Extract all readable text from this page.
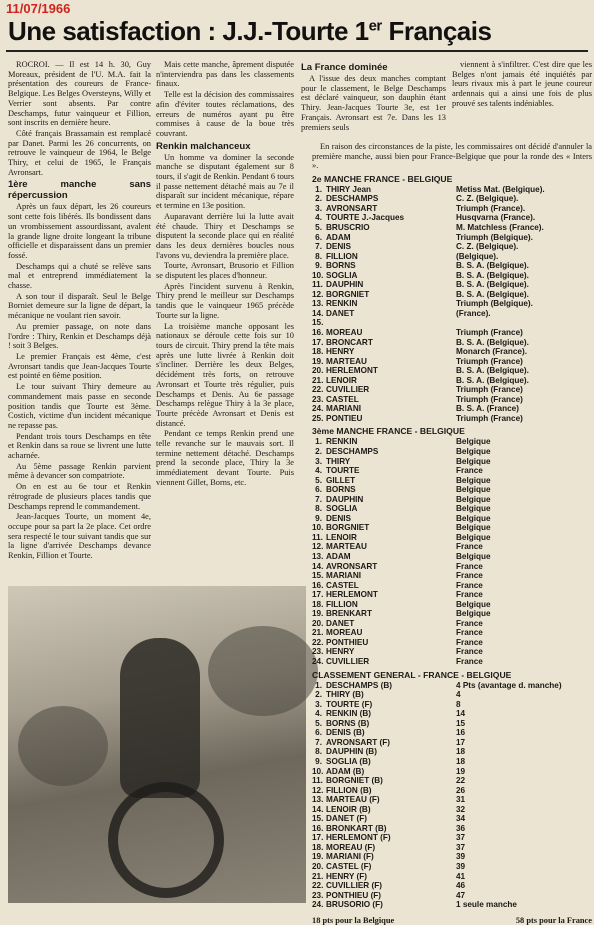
11/07/1966
Une satisfaction : J.J.-Tourte 1er Français

ROCROI. — Il est 14 h. 30, Guy Moreaux, président de l'U. M.A. fait la présentation des coureurs de France-Belgique. Les Belges Oversteyns, Willy et Verrier sont absents. Par contre Deschamps, futur vainqueur et Fillion, sont inscrits en dernière heure.

Côté français Brassamain est remplacé par Danet. Parmi les 26 concurrents, on retrouve le vainqueur de 1964, le Belge Thiry, et celui de 1965, le Français Avronsart.

1ère manche sans répercussion

Après un faux départ, les 26 coureurs sont cette fois libérés. Ils bondissent dans un vrombissement assourdissant, avalent la grande ligne droite longeant la tribune officielle et disparaissent dans un premier fossé.

Deschamps qui a chuté se relève sans mal et entreprend immédiatement la chasse.

A son tour il disparaît. Seul le Belge Borniet demeure sur la ligne de départ, la mécanique ne voulant rien savoir.

Au premier passage, on note dans l'ordre : Thiry, Renkin et Deschamps déjà ! soit 3 Belges.

Le premier Français est 4ème, c'est Avronsart tandis que Jean-Jacques Tourte est pointé en 6ème position.

Le tour suivant Thiry demeure au commandement mais passe en seconde position tandis que Tourte est 3ème. Costich, victime d'un incident mécanique ne repasse pas.

Pendant trois tours Deschamps en tête et Renkin dans sa roue se livrent une lutte acharnée.

Au 5ème passage Renkin parvient même à devancer son compatriote.

On en est au 6e tour et Renkin rétrograde de plusieurs places tandis que Deschamps reprend le commandement.

Jean-Jacques Tourte, un moment 4e, occupe pour sa part la 2e place. Cet ordre sera respecté le tour suivant tandis que sur la ligne d'arrivée Deschamps devance Renkin, Fillion et Tourte.

Mais cette manche, âprement disputée n'interviendra pas dans les classements finaux.

Telle est la décision des commissaires afin d'éviter toutes réclamations, des erreurs de numéros ayant pu être commises à cause de la boue très couvrant.

Renkin malchanceux

Un homme va dominer la seconde manche se disputant également sur 8 tours, il s'agit de Renkin. Pendant 6 tours il passe nettement détaché mais au 7e il disparaît sur incident mécanique, répare et termine en 13e position.

Auparavant derrière lui la lutte avait été chaude. Thiry et Deschamps se disputent la seconde place qui en réalité dans les deux dernières boucles nous l'avons vu, deviendra la première place.

Tourte, Avronsart, Brusorio et Fillion se disputent les places d'honneur.

Après l'incident survenu à Renkin, Thiry prend le meilleur sur Deschamps tandis que le vainqueur 1965 précède Tourte sur la ligne.

La troisième manche opposant les nationaux se déroule cette fois sur 10 tours de circuit. Thiry prend la tête mais après une lutte livrée à Renkin doit s'incliner. Derrière les deux Belges, décidément très forts, on retrouve Avronsart et Tourte très régulier, puis Deschamps et Denis. Au 6e passage Deschamps relègue Thiry à la 3e place, Tourte précède Avronsart et Denis est distancé.

Pendant ce temps Renkin prend une telle revanche sur le mauvais sort. Il termine nettement détaché. Deschamps prend la seconde place, Thiry la 3e immédiatement devant Tourte. Puis viennent Gillet, Borns, etc.

La France dominée

A l'issue des deux manches comptant pour le classement, le Belge Deschamps est déclaré vainqueur, son dauphin étant Thiry. Jean-Jacques Tourte 3e, est 1er Français. Avronsart est 7e. Dans les 13 premiers seuls

viennent à s'infiltrer. C'est dire que les Belges n'ont jamais été inquiétés par leurs rivaux mis à part le jeune coureur ardennais qui a ainsi une fois de plus prouvé ses talents indéniables.

En raison des circonstances de la piste, les commissaires ont décidé d'annuler la première manche, aussi bien pour France-Belgique que pour la ronde des « Inters ».

2e MANCHE FRANCE - BELGIQUE
1. THIRY Jean	Metiss Mat. (Belgique).
2. DESCHAMPS	C. Z. (Belgique).
3. AVRONSART	Triumph (France).
4. TOURTE J.-Jacques	Husqvarna (France).
5. BRUSCRIO	M. Matchless (France).
6. ADAM	Triumph (Belgique).
7. DENIS	C. Z. (Belgique).
8. FILLION	(Belgique).
9. BORNS	B. S. A. (Belgique).
10. SOGLIA	B. S. A. (Belgique).
11. DAUPHIN	B. S. A. (Belgique).
12. BORGNIET	B. S. A. (Belgique).
13. RENKIN	Triumph (Belgique).
14. DANET	(France).
15.
16. MOREAU	Triumph (France)
17. BRONCART	B. S. A. (Belgique).
18. HENRY	Monarch (France).
19. MARTEAU	Triumph (France)
20. HERLEMONT	B. S. A. (Belgique).
21. LENOIR	B. S. A. (Belgique).
22. CUVILLIER	Triumph (France)
23. CASTEL	Triumph (France)
24. MARIANI	B. S. A. (France)
25. PONTIEU	Triumph (France)
3ème MANCHE FRANCE - BELGIQUE
1. RENKIN	Belgique
2. DESCHAMPS	Belgique
3. THIRY	Belgique
4. TOURTE	France
5. GILLET	Belgique
6. BORNS	Belgique
7. DAUPHIN	Belgique
8. SOGLIA	Belgique
9. DENIS	Belgique
10. BORGNIET	Belgique
11. LENOIR	Belgique
12. MARTEAU	France
13. ADAM	Belgique
14. AVRONSART	France
15. MARIANI	France
16. CASTEL	France
17. HERLEMONT	France
18. FILLION	Belgique
19. BRENKART	Belgique
20. DANET	France
21. MOREAU	France
22. PONTHIEU	France
23. HENRY	France
24. CUVILLIER	France
CLASSEMENT GENERAL - FRANCE - BELGIQUE
1. DESCHAMPS (B)	4 Pts (avantage d. manche)
2. THIRY (B)	4
3. TOURTE (F)	8
4. RENKIN (B)	14
5. BORNS (B)	15
6. DENIS (B)	16
7. AVRONSART (F)	17
8. DAUPHIN (B)	18
9. SOGLIA (B)	18
10. ADAM (B)	19
11. BORGNIET (B)	22
12. FILLION (B)	26
13. MARTEAU (F)	31
14. LENOIR (B)	32
15. DANET (F)	34
16. BRONKART (B)	36
17. HERLEMONT (F)	37
18. MOREAU (F)	37
19. MARIANI (F)	39
20. CASTEL (F)	39
21. HENRY (F)	41
22. CUVILLIER (F)	46
23. PONTHIEU (F)	47
24. BRUSORIO (F)	1 seule manche
18 pts pour la Belgique	58 pts pour la France
